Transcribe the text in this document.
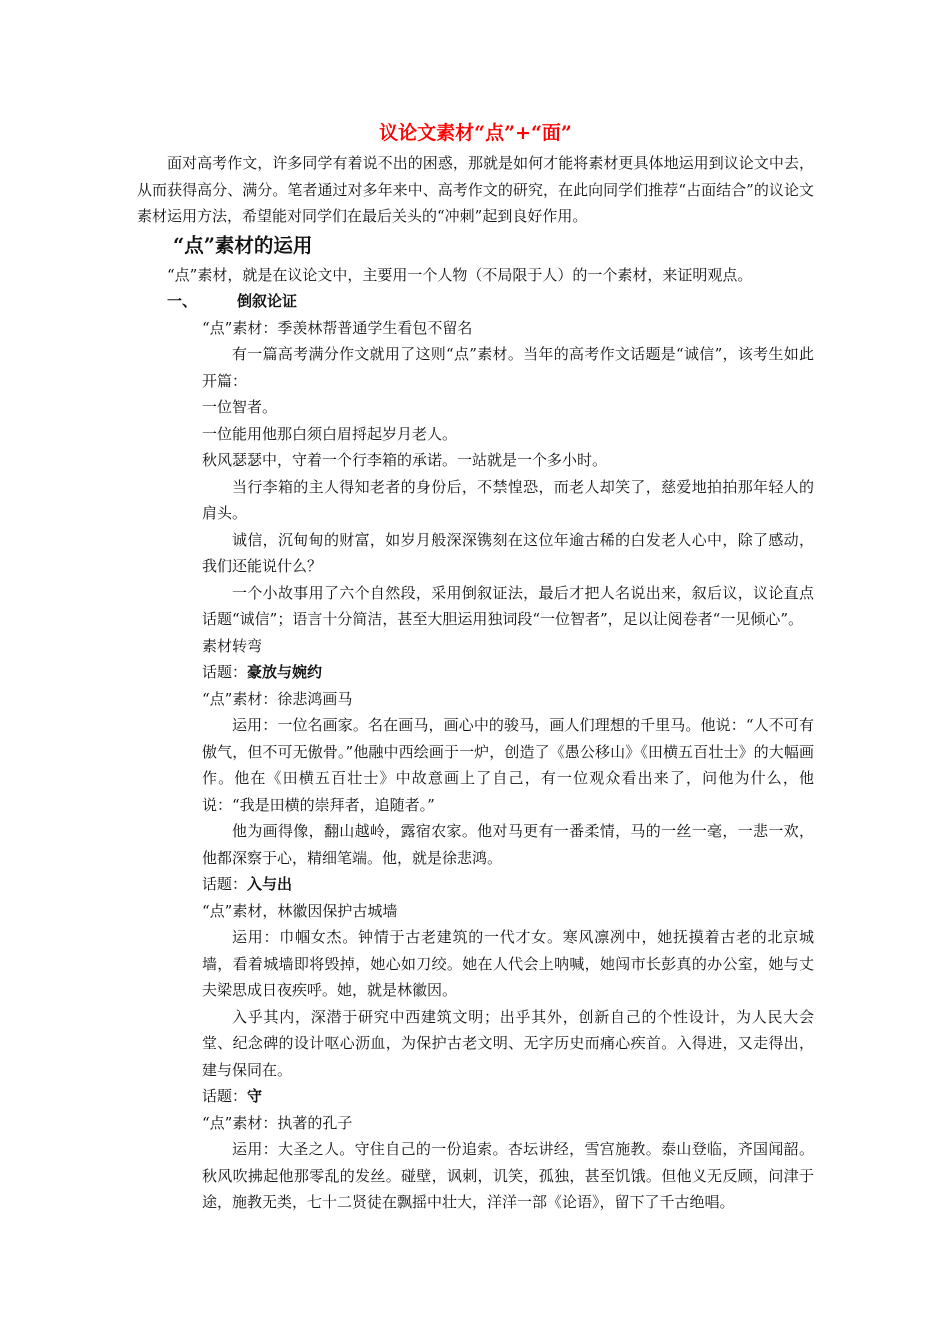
议论文素材“点”+“面”

面对高考作文，许多同学有着说不出的困惑，那就是如何才能将素材更具体地运用到议论文中去，从而获得高分、满分。笔者通过对多年来中、高考作文的研究，在此向同学们推荐“占面结合”的议论文素材运用方法，希望能对同学们在最后关头的“冲刺”起到良好作用。

“点”素材的运用

“点”素材，就是在议论文中，主要用一个人物（不局限于人）的一个素材，来证明观点。

一、	倒叙论证

“点”素材：季羡林帮普通学生看包不留名

有一篇高考满分作文就用了这则“点”素材。当年的高考作文话题是“诚信”，该考生如此开篇：

一位智者。

一位能用他那白须白眉捋起岁月老人。

秋风瑟瑟中，守着一个行李箱的承诺。一站就是一个多小时。

当行李箱的主人得知老者的身份后，不禁惶恐，而老人却笑了，慈爱地拍拍那年轻人的肩头。

诚信，沉甸甸的财富，如岁月般深深镌刻在这位年逾古稀的白发老人心中，除了感动，我们还能说什么？

一个小故事用了六个自然段，采用倒叙证法，最后才把人名说出来，叙后议，议论直点话题“诚信”；语言十分简洁，甚至大胆运用独词段“一位智者”，足以让阅卷者“一见倾心”。

素材转弯

话题：豪放与婉约

“点”素材：徐悲鸿画马

运用：一位名画家。名在画马，画心中的骏马，画人们理想的千里马。他说：“人不可有傲气，但不可无傲骨。”他融中西绘画于一炉，创造了《愚公移山》《田横五百壮士》的大幅画作。他在《田横五百壮士》中故意画上了自己，有一位观众看出来了，问他为什么，他说：“我是田横的崇拜者，追随者。”

他为画得像，翻山越岭，露宿农家。他对马更有一番柔情，马的一丝一毫，一悲一欢，他都深察于心，精细笔端。他，就是徐悲鸿。

话题：入与出

“点”素材，林徽因保护古城墙

运用：巾帼女杰。钟情于古老建筑的一代才女。寒风凛冽中，她抚摸着古老的北京城墙，看着城墙即将毁掉，她心如刀绞。她在人代会上呐喊，她闯市长彭真的办公室，她与丈夫梁思成日夜疾呼。她，就是林徽因。

入乎其内，深潜于研究中西建筑文明；出乎其外，创新自己的个性设计，为人民大会堂、纪念碑的设计呕心沥血，为保护古老文明、无字历史而痛心疾首。入得进，又走得出，建与保同在。

话题：守

“点”素材：执著的孔子

运用：大圣之人。守住自己的一份追索。杏坛讲经，雪宫施教。泰山登临，齐国闻韶。秋风吹拂起他那零乱的发丝。碰壁，讽刺，讥笑，孤独，甚至饥饿。但他义无反顾，问津于途，施教无类，七十二贤徒在飘摇中壮大，洋洋一部《论语》，留下了千古绝唱。
